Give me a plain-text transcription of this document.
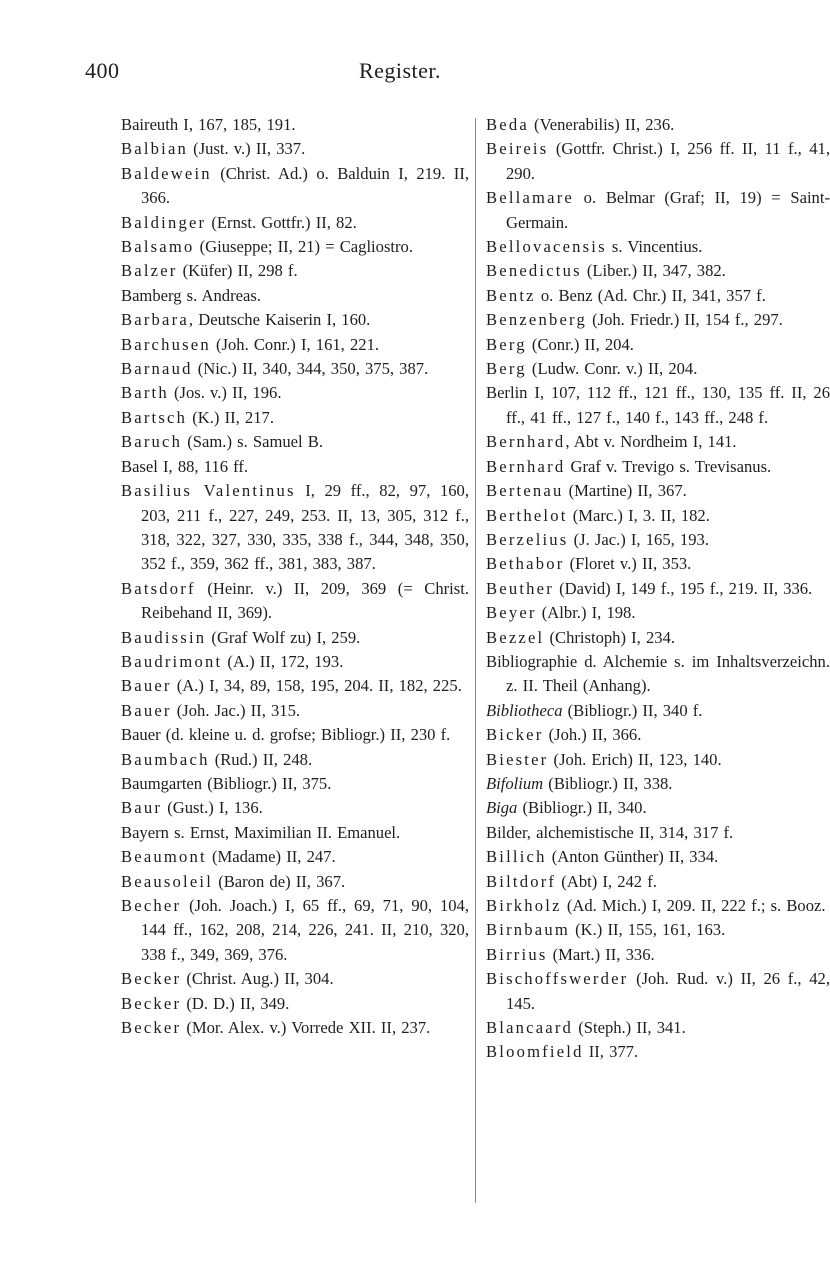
400	Register.
Baireuth I, 167, 185, 191.
Balbian (Just. v.) II, 337.
Baldewein (Christ. Ad.) o. Balduin I, 219. II, 366.
Baldinger (Ernst. Gottfr.) II, 82.
Balsamo (Giuseppe; II, 21) = Cagliostro.
Balzer (Küfer) II, 298 f.
Bamberg s. Andreas.
Barbara, Deutsche Kaiserin I, 160.
Barchusen (Joh. Conr.) I, 161, 221.
Barnaud (Nic.) II, 340, 344, 350, 375, 387.
Barth (Jos. v.) II, 196.
Bartsch (K.) II, 217.
Baruch (Sam.) s. Samuel B.
Basel I, 88, 116 ff.
Basilius Valentinus I, 29 ff., 82, 97, 160, 203, 211 f., 227, 249, 253. II, 13, 305, 312 f., 318, 322, 327, 330, 335, 338 f., 344, 348, 350, 352 f., 359, 362 ff., 381, 383, 387.
Batsdorf (Heinr. v.) II, 209, 369 (= Christ. Reibehand II, 369).
Baudissin (Graf Wolf zu) I, 259.
Baudrimont (A.) II, 172, 193.
Bauer (A.) I, 34, 89, 158, 195, 204. II, 182, 225.
Bauer (Joh. Jac.) II, 315.
Bauer (d. kleine u. d. grofse; Bibliogr.) II, 230 f.
Baumbach (Rud.) II, 248.
Baumgarten (Bibliogr.) II, 375.
Baur (Gust.) I, 136.
Bayern s. Ernst, Maximilian II. Emanuel.
Beaumont (Madame) II, 247.
Beausoleil (Baron de) II, 367.
Becher (Joh. Joach.) I, 65 ff., 69, 71, 90, 104, 144 ff., 162, 208, 214, 226, 241. II, 210, 320, 338 f., 349, 369, 376.
Becker (Christ. Aug.) II, 304.
Becker (D. D.) II, 349.
Becker (Mor. Alex. v.) Vorrede XII. II, 237.
Beda (Venerabilis) II, 236.
Beireis (Gottfr. Christ.) I, 256 ff. II, 11 f., 41, 290.
Bellamare o. Belmar (Graf; II, 19) = Saint-Germain.
Bellovacensis s. Vincentius.
Benedictus (Liber.) II, 347, 382.
Bentz o. Benz (Ad. Chr.) II, 341, 357 f.
Benzenberg (Joh. Friedr.) II, 154 f., 297.
Berg (Conr.) II, 204.
Berg (Ludw. Conr. v.) II, 204.
Berlin I, 107, 112 ff., 121 ff., 130, 135 ff. II, 26 ff., 41 ff., 127 f., 140 f., 143 ff., 248 f.
Bernhard, Abt v. Nordheim I, 141.
Bernhard Graf v. Trevigo s. Trevisanus.
Bertenau (Martine) II, 367.
Berthelot (Marc.) I, 3. II, 182.
Berzelius (J. Jac.) I, 165, 193.
Bethabor (Floret v.) II, 353.
Beuther (David) I, 149 f., 195 f., 219. II, 336.
Beyer (Albr.) I, 198.
Bezzel (Christoph) I, 234.
Bibliographie d. Alchemie s. im Inhaltsverzeichn. z. II. Theil (Anhang).
Bibliotheca (Bibliogr.) II, 340 f.
Bicker (Joh.) II, 366.
Biester (Joh. Erich) II, 123, 140.
Bifolium (Bibliogr.) II, 338.
Biga (Bibliogr.) II, 340.
Bilder, alchemistische II, 314, 317 f.
Billich (Anton Günther) II, 334.
Biltdorf (Abt) I, 242 f.
Birkholz (Ad. Mich.) I, 209. II, 222 f.; s. Booz.
Birnbaum (K.) II, 155, 161, 163.
Birrius (Mart.) II, 336.
Bischoffswerder (Joh. Rud. v.) II, 26 f., 42, 145.
Blancaard (Steph.) II, 341.
Bloomfield II, 377.
